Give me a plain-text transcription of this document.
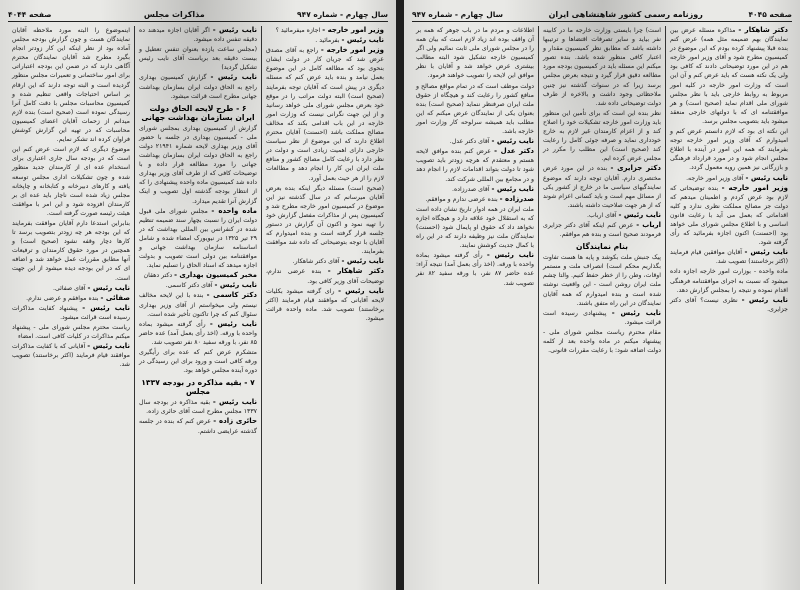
سال چهارم - شماره ۹۴۷
مذاکرات مجلس
صفحه ۴۰۴۴

وزیر امور خارجه - اجازه میفرمائید ؟

نایب رئیس - بفرمائید .

وزیر امور خارجه - راجع به آقای مصدق عرض شد که جریان کار در دولت ایشان بنحوی بود که مطالعه کامل در این موضوع بعمل نیامد و بنده باید عرض کنم که مسئله دیگری در پیش است که آقایان توجه بفرمایند (صحیح است) البته دولت مراتب را در موقع خود بعرض مجلس شورای ملی خواهد رسانید و از این جهت نگرانی نیست که وزارت امور خارجه در این باب اقدامی بکند که مخالف مصالح مملکت باشد (احسنت) آقایان محترم اطلاع دارند که این موضوع از نظر سیاست خارجی دارای اهمیت زیادی است و دولت در نظر دارد با رعایت کامل مصالح کشور و منافع ملت ایران این کار را انجام دهد و مطالعات لازم را از هر حیث بعمل آورد.

(صحیح است) مسئله دیگر اینکه بنده بعرض آقایان میرسانم که در سال گذشته نیز این موضوع در کمیسیون امور خارجه مطرح شد و کمیسیون پس از مذاکرات مفصل گزارش خود را تهیه نمود و اکنون آن گزارش در دستور جلسه قرار گرفته است و بنده امیدوارم که آقایان با توجه بتوضیحاتی که داده شد موافقت بفرمایند.

نایب رئیس - آقای دکتر شاهکار.

دکتر شاهکار - بنده عرضی ندارم، توضیحات آقای وزیر کافی بود.

نایب رئیس - رای گرفته میشود بکلیات لایحه آقایانی که موافقند قیام فرمایند (اکثر برخاستند) تصویب شد. ماده واحده قرائت میشود.

نایب رئیس - اگر آقایان اجازه میدهند ده دقیقه تنفس داده میشود.

(مجلس ساعت یازده بعنوان تنفس تعطیل و بیست دقیقه بعد بریاست آقای نایب رئیس تشکیل گردید)

نایب رئیس - گزارش کمیسیون بهداری راجع به الحاق دولت ایران بسازمان بهداشت جهانی مطرح است قرائت میشود.

۶ - طرح لایحه الحاق دولت ایران بسازمان بهداشت جهانی

گزارش از کمیسیون بهداری بمجلس شورای ملی - کمیسیون بهداری در جلسه با حضور آقای وزیر بهداری لایحه شماره ۲۱۹۴۱ دولت راجع به الحاق دولت ایران بسازمان بهداشت جهانی را مورد مطالعه قرار داده و با توضیحات کافی که از طرف آقای وزیر بهداری داده شد کمیسیون ماده واحده پیشنهادی را که از انتظار بودجه گذشته اول تصویب و اینک گزارش آنرا تقدیم میدارد.

ماده واحده - مجلس شورای ملی قبول دولت ایران را نسبت بچهار سند ضمیمه تنظیم شده در کنفرانس بین المللی بهداشت که در ۲۹ تیر ۱۳۲۵ در نیویورک امضاء شده و شامل اساسنامه سازمان بهداشت جهانی و موافقتنامه بین دولی است تصویب و بدولت اجازه میدهد که اسناد الحاق را تسلیم نماید.

مخبر کمیسیون بهداری - دکتر دهقان

نایب رئیس - آقای دکتر کاسمی.

دکتر کاسمی - بنده با این لایحه مخالف نیستم ولی میخواستم از آقای وزیر بهداری سئوال کنم که چرا تاکنون تأخیر شده است.

نایب رئیس - رأی گرفته میشود بماده واحده با ورقه. (اخذ رأی بعمل آمد) عده حاضر ۸۵ نفر، با ورقه سفید ۸۰ نفر تصویب شد.

متشکرم عرض کنم که عده برای رأیگیری ورقه کافی است و ورود برای این رسیدگی در دوره آینده مجلس خواهد بود.

۷ - بقیه مذاکره در بودجه ۱۳۳۷ مجلس

نایب رئیس - بقیه مذاکره در بودجه سال ۱۳۳۷ مجلس مطرح است آقای حائری زاده.

حائری زاده - عرض کنم که بنده در جلسه گذشته عرایضی داشتم.

اینموضوع را البته مورد ملاحظه آقایان نمایندگان هست و چون گزارش بودجه مجلس آماده بود از نظر اینکه این کار زودتر انجام بگیرد مطرح شد آقایان نمایندگان محترم آگاهی دارند که در ضمن این بودجه اعتباراتی برای امور ساختمانی و تعمیرات مجلس منظور گردیده است و البته توجه دارند که این ارقام بر اساس احتیاجات واقعی تنظیم شده و کمیسیون محاسبات مجلس با دقت کامل آنرا رسیدگی نموده است (صحیح است) بنده لازم میدانم از زحمات آقایان اعضای کمیسیون محاسبات که در تهیه این گزارش کوشش فراوان کرده اند تشکر نمایم.

موضوع دیگری که لازم است عرض کنم این است که در بودجه سال جاری اعتباری برای استخدام عده ای از کارمندان جدید منظور شده و چون تشکیلات اداری مجلس توسعه یافته و کارهای دبیرخانه و کتابخانه و چاپخانه مجلس زیاد شده است ناچار باید عده ای بر کارمندان افزوده شود و این امر با موافقت هیئت رئیسه صورت گرفته است.

بنابراین استدعا دارم آقایان موافقت بفرمایند که این بودجه هر چه زودتر بتصویب برسد تا کارها دچار وقفه نشود (صحیح است) و همچنین در مورد حقوق کارمندان و ترفیعات آنها مطابق مقررات عمل خواهد شد و اضافه ای که در این بودجه دیده میشود از این جهت است.

نایب رئیس - آقای صفائی.

صفائی - بنده موافقم و عرضی ندارم.

نایب رئیس - پیشنهاد کفایت مذاکرات رسیده است قرائت میشود.

ریاست محترم مجلس شورای ملی - پیشنهاد میکنم مذاکرات در کلیات کافی است. امضاء

نایب رئیس - آقایانی که با کفایت مذاکرات موافقند قیام فرمایند (اکثر برخاستند) تصویب شد.

صفحه ۴۰۴۵
روزنامه رسمی کشور شاهنشاهی ایران
سال چهارم - شماره ۹۴۷

دکتر شاهکار - مذاکره مسئله عرض بین نمایندگان بهم ضمیمه مثل همه) عرض کنم بنده قبلا پیشنهاد کرده بودم که این موضوع در کمیسیون مطرح شود و آقای وزیر امور خارجه هم در این مورد توضیحاتی دادند که کافی بود ولی یک نکته هست که باید عرض کنم و آن این است که وزارت امور خارجه در کلیه امور مربوط به روابط خارجی باید با نظر مجلس شورای ملی اقدام نماید (صحیح است) و هر موافقتنامه ای که با دولتهای خارجی منعقد میشود باید بتصویب مجلس برسد.

این نکته ای بود که لازم دانستم عرض کنم و امیدوارم که آقای وزیر امور خارجه توجه بفرمایند که همه این امور در آینده با اطلاع مجلس انجام شود و در مورد قرارداد فرهنگی و بازرگانی نیز همین رویه معمول گردد.

نایب رئیس - آقای وزیر امور خارجه.

وزیر امور خارجه - بنده توضیحاتی که لازم بود عرض کردم و اطمینان میدهم که دولت جز مصالح مملکت نظری ندارد و کلیه اقداماتی که بعمل می آید با رعایت قانون اساسی و با اطلاع مجلس شورای ملی خواهد بود (احسنت) اکنون اجازه بفرمائید که رأی گرفته شود.

نایب رئیس - آقایان موافقین قیام فرمایند (اکثر برخاستند) تصویب شد.

ماده واحده - بوزارت امور خارجه اجازه داده میشود که نسبت به اجرای موافقتنامه فرهنگی اقدام نموده و نتیجه را بمجلس گزارش دهد.

نایب رئیس - نظری نیست؟ آقای دکتر جزایری.

است) چرا بایستی وزارت خارجه ما در کابینه نفر بیاید و سایر تصرفات اقتضاها و ترتیبها داشته باشد که مطابق نظر کمیسیون مقدار و اعتبار کافی منظور شده باشد. بنده تصور میکنم این مسئله باید در کمیسیون بودجه مورد مطالعه دقیق قرار گیرد و نتیجه بعرض مجلس برسد زیرا که در سنوات گذشته نیز چنین ملاحظاتی وجود داشت و بالاخره از طرف دولت توضیحاتی داده شد.

نظر بنده این است که برای تأمین این منظور باید وزارت امور خارجه تشکیلات خود را اصلاح کند و از اعزام کارمندان غیر لازم به خارج خودداری نماید و صرفه جوئی کامل را رعایت کند (صحیح است) این مطلب را مکرر در مجلس عرض کرده ایم.

دکتر جزایری - بنده در این مورد عرض مختصری دارم. آقایان توجه دارند که موضوع نمایندگیهای سیاسی ما در خارج از کشور یکی از مسائل مهم است و باید کسانی اعزام شوند که از هر جهت صلاحیت داشته باشند.

نایب رئیس - آقای ارباب.

ارباب - عرض کنم اینکه آقای دکتر جزایری فرمودند صحیح است و بنده هم موافقم.

بنام نمایندگان

پیک جنبش ملت بکوشد و پایه ها هست تفاوت بگذاریم محکم است) انصراف ملت و مستمر اوقات، وطن را از خطر حفظ کنیم. والتا چشم ملت ایران روشن است - این واقعیت نوشته شده است و بنده امیدوارم که همه آقایان نمایندگان در این راه متفق باشند.

نایب رئیس - پیشنهادی رسیده است قرائت میشود.

مقام محترم ریاست مجلس شورای ملی - پیشنهاد میکنم در ماده واحده بعد از کلمه دولت اضافه شود: با رعایت مقررات قانونی.

اطلاعات و مردم ما در باب جوهر که همه بر آن واقف بوده اند زیاد لازم است که بیان همه را در مجلس شورای ملی ثابت نمائیم ولی اگر کمیسیون خارجه تشکیل شود البته مطالب بیشتری عرض خواهد شد و آقایان با نظر موافق این لایحه را تصویب خواهند فرمود.

دولت موظف است که در تمام مواقع مصالح و منافع کشور را رعایت کند و هیچگاه از حقوق ملت ایران صرفنظر ننماید (صحیح است) بنده بعنوان یکی از نمایندگان عرض میکنم که این مطلب باید همیشه سرلوحه کار وزارت امور خارجه باشد.

نایب رئیس - آقای دکتر عدل.

دکتر عدل - عرض کنم بنده موافق لایحه هستم و معتقدم که هرچه زودتر باید تصویب شود تا دولت بتواند اقدامات لازم را انجام دهد و در مجامع بین المللی شرکت کند.

نایب رئیس - آقای صدرزاده.

صدرزاده - بنده عرضی ندارم و موافقم.

ملت ایران در همه ادوار تاریخ نشان داده است که به استقلال خود علاقه دارد و هیچگاه اجازه نخواهد داد که حقوق او پایمال شود (احسنت) نمایندگان ملت نیز وظیفه دارند که در این راه با کمال جدیت کوشش نمایند.

نایب رئیس - رأی گرفته میشود بماده واحده با ورقه. (اخذ رأی بعمل آمد) نتیجه آراء: عده حاضر ۸۷ نفر، با ورقه سفید ۸۲ نفر تصویب شد.
